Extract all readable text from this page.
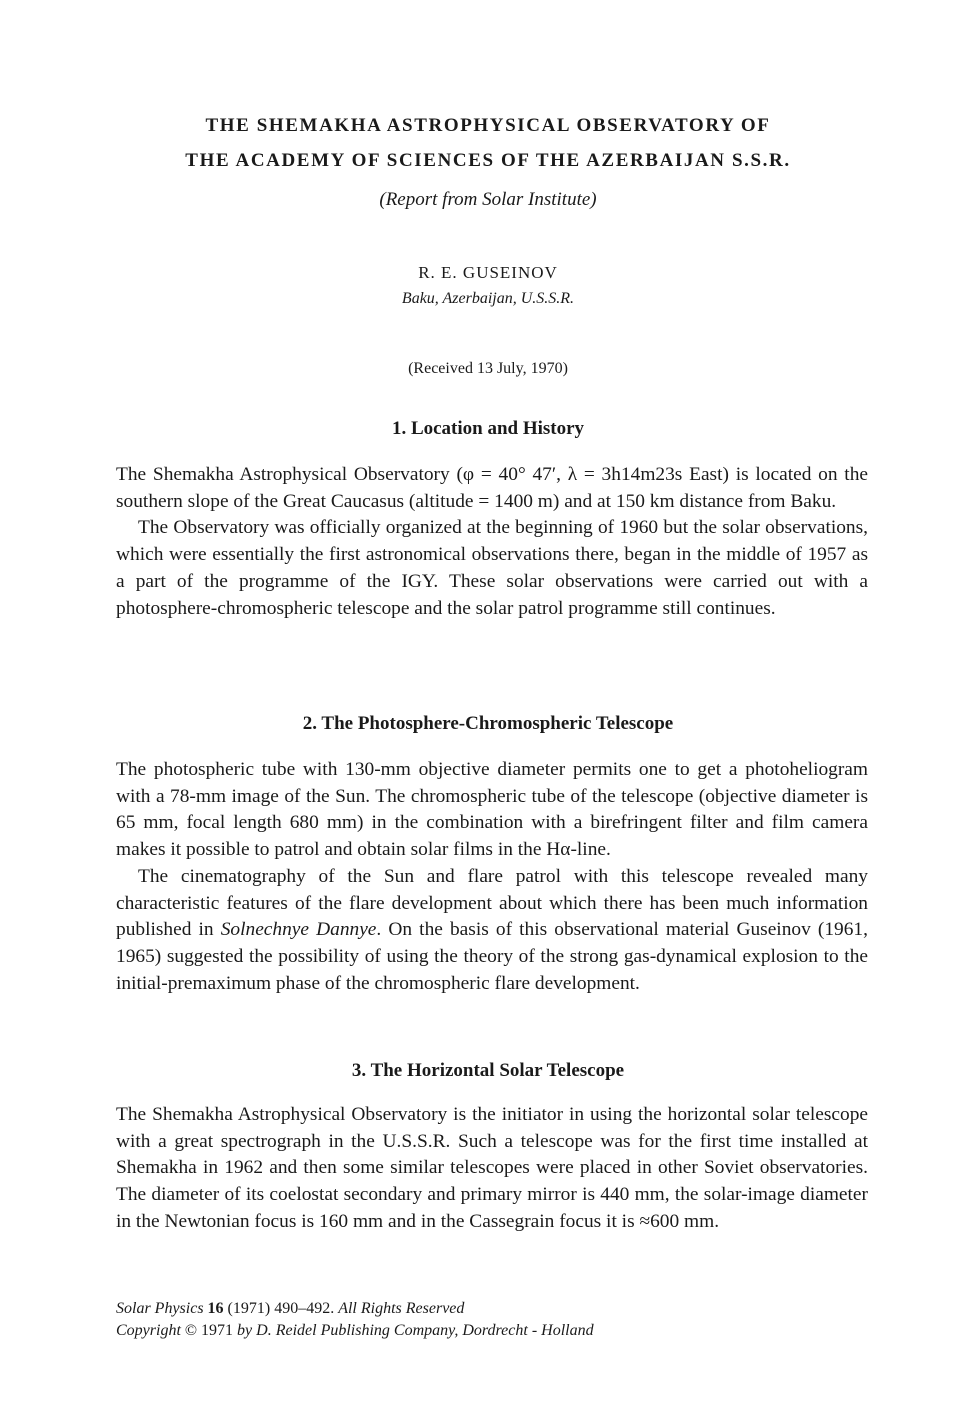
THE SHEMAKHA ASTROPHYSICAL OBSERVATORY OF
THE ACADEMY OF SCIENCES OF THE AZERBAIJAN S.S.R.
(Report from Solar Institute)
R. E. GUSEINOV
Baku, Azerbaijan, U.S.S.R.
(Received 13 July, 1970)
1. Location and History

The Shemakha Astrophysical Observatory (φ = 40° 47′, λ = 3h14m23s East) is located on the southern slope of the Great Caucasus (altitude = 1400 m) and at 150 km distance from Baku.

The Observatory was officially organized at the beginning of 1960 but the solar observations, which were essentially the first astronomical observations there, began in the middle of 1957 as a part of the programme of the IGY. These solar observations were carried out with a photosphere-chromospheric telescope and the solar patrol programme still continues.

2. The Photosphere-Chromospheric Telescope

The photospheric tube with 130-mm objective diameter permits one to get a photoheliogram with a 78-mm image of the Sun. The chromospheric tube of the telescope (objective diameter is 65 mm, focal length 680 mm) in the combination with a birefringent filter and film camera makes it possible to patrol and obtain solar films in the Hα-line.

The cinematography of the Sun and flare patrol with this telescope revealed many characteristic features of the flare development about which there has been much information published in Solnechnye Dannye. On the basis of this observational material Guseinov (1961, 1965) suggested the possibility of using the theory of the strong gas-dynamical explosion to the initial-premaximum phase of the chromospheric flare development.

3. The Horizontal Solar Telescope

The Shemakha Astrophysical Observatory is the initiator in using the horizontal solar telescope with a great spectrograph in the U.S.S.R. Such a telescope was for the first time installed at Shemakha in 1962 and then some similar telescopes were placed in other Soviet observatories. The diameter of its coelostat secondary and primary mirror is 440 mm, the solar-image diameter in the Newtonian focus is 160 mm and in the Cassegrain focus it is ≈600 mm.

Solar Physics 16 (1971) 490–492. All Rights Reserved
Copyright © 1971 by D. Reidel Publishing Company, Dordrecht - Holland
